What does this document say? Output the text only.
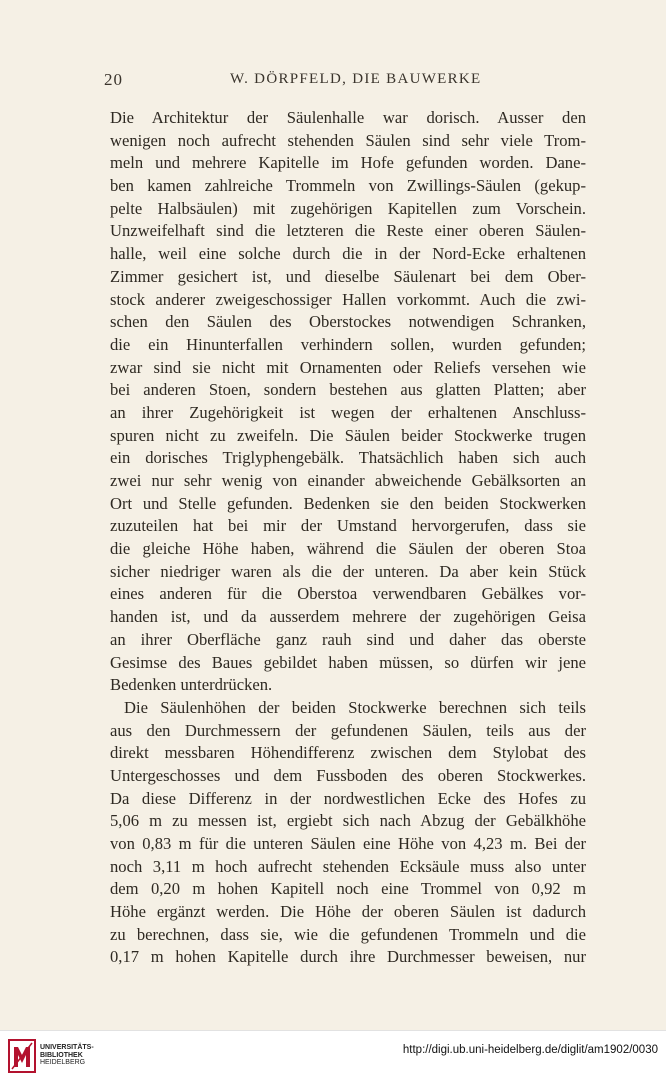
20	W. DÖRPFELD, DIE BAUWERKE
Die Architektur der Säulenhalle war dorisch. Ausser den
wenigen noch aufrecht stehenden Säulen sind sehr viele Trom-
meln und mehrere Kapitelle im Hofe gefunden worden. Dane-
ben kamen zahlreiche Trommeln von Zwillings-Säulen (gekup-
pelte Halbsäulen) mit zugehörigen Kapitellen zum Vorschein.
Unzweifelhaft sind die letzteren die Reste einer oberen Säulen-
halle, weil eine solche durch die in der Nord-Ecke erhaltenen
Zimmer gesichert ist, und dieselbe Säulenart bei dem Ober-
stock anderer zweigeschossiger Hallen vorkommt. Auch die zwi-
schen den Säulen des Oberstockes notwendigen Schranken,
die ein Hinunterfallen verhindern sollen, wurden gefunden;
zwar sind sie nicht mit Ornamenten oder Reliefs versehen wie
bei anderen Stoen, sondern bestehen aus glatten Platten; aber
an ihrer Zugehörigkeit ist wegen der erhaltenen Anschluss-
spuren nicht zu zweifeln. Die Säulen beider Stockwerke trugen
ein dorisches Triglyphengebälk. Thatsächlich haben sich auch
zwei nur sehr wenig von einander abweichende Gebälksorten an
Ort und Stelle gefunden. Bedenken sie den beiden Stockwerken
zuzuteilen hat bei mir der Umstand hervorgerufen, dass sie
die gleiche Höhe haben, während die Säulen der oberen Stoa
sicher niedriger waren als die der unteren. Da aber kein Stück
eines anderen für die Oberstoa verwendbaren Gebälkes vor-
handen ist, und da ausserdem mehrere der zugehörigen Geisa
an ihrer Oberfläche ganz rauh sind und daher das oberste
Gesimse des Baues gebildet haben müssen, so dürfen wir jene
Bedenken unterdrücken.
Die Säulenhöhen der beiden Stockwerke berechnen sich teils
aus den Durchmessern der gefundenen Säulen, teils aus der
direkt messbaren Höhendifferenz zwischen dem Stylobat des
Untergeschosses und dem Fussboden des oberen Stockwerkes.
Da diese Differenz in der nordwestlichen Ecke des Hofes zu
5,06 m zu messen ist, ergiebt sich nach Abzug der Gebälkhöhe
von 0,83 m für die unteren Säulen eine Höhe von 4,23 m. Bei der
noch 3,11 m hoch aufrecht stehenden Ecksäule muss also unter
dem 0,20 m hohen Kapitell noch eine Trommel von 0,92 m
Höhe ergänzt werden. Die Höhe der oberen Säulen ist dadurch
zu berechnen, dass sie, wie die gefundenen Trommeln und die
0,17 m hohen Kapitelle durch ihre Durchmesser beweisen, nur
UNIVERSITÄTS-
BIBLIOTHEK
HEIDELBERG
http://digi.ub.uni-heidelberg.de/diglit/am1902/0030
